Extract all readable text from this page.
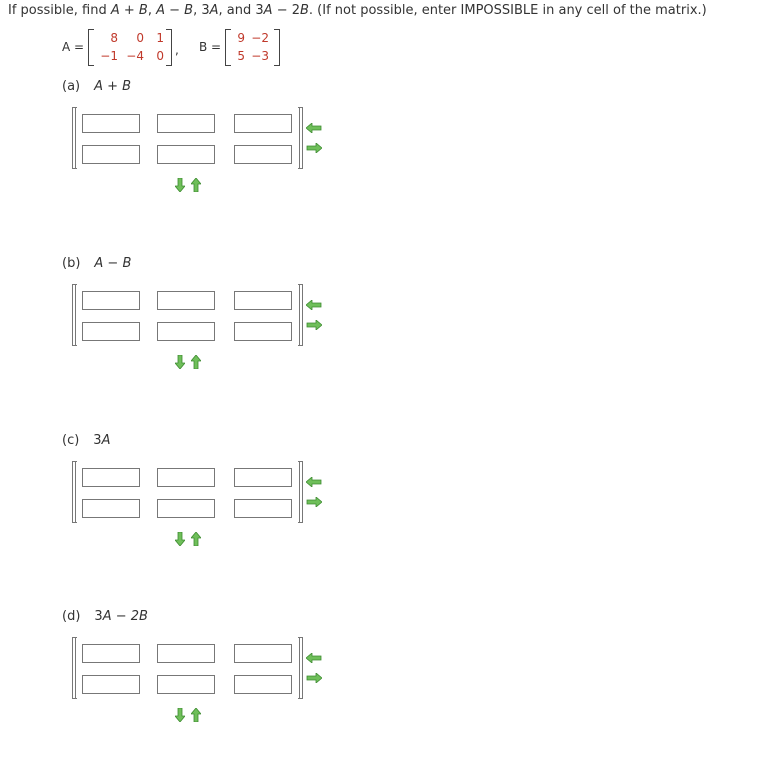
If possible, find A + B, A − B, 3A, and 3A − 2B. (If not possible, enter IMPOSSIBLE in any cell of the matrix.)
A =
8	0	1
−1 −4	0 , B =
9 −2
5 −3
(a) A + B
(b) A − B
(c) 3A
(d) 3A − 2B
